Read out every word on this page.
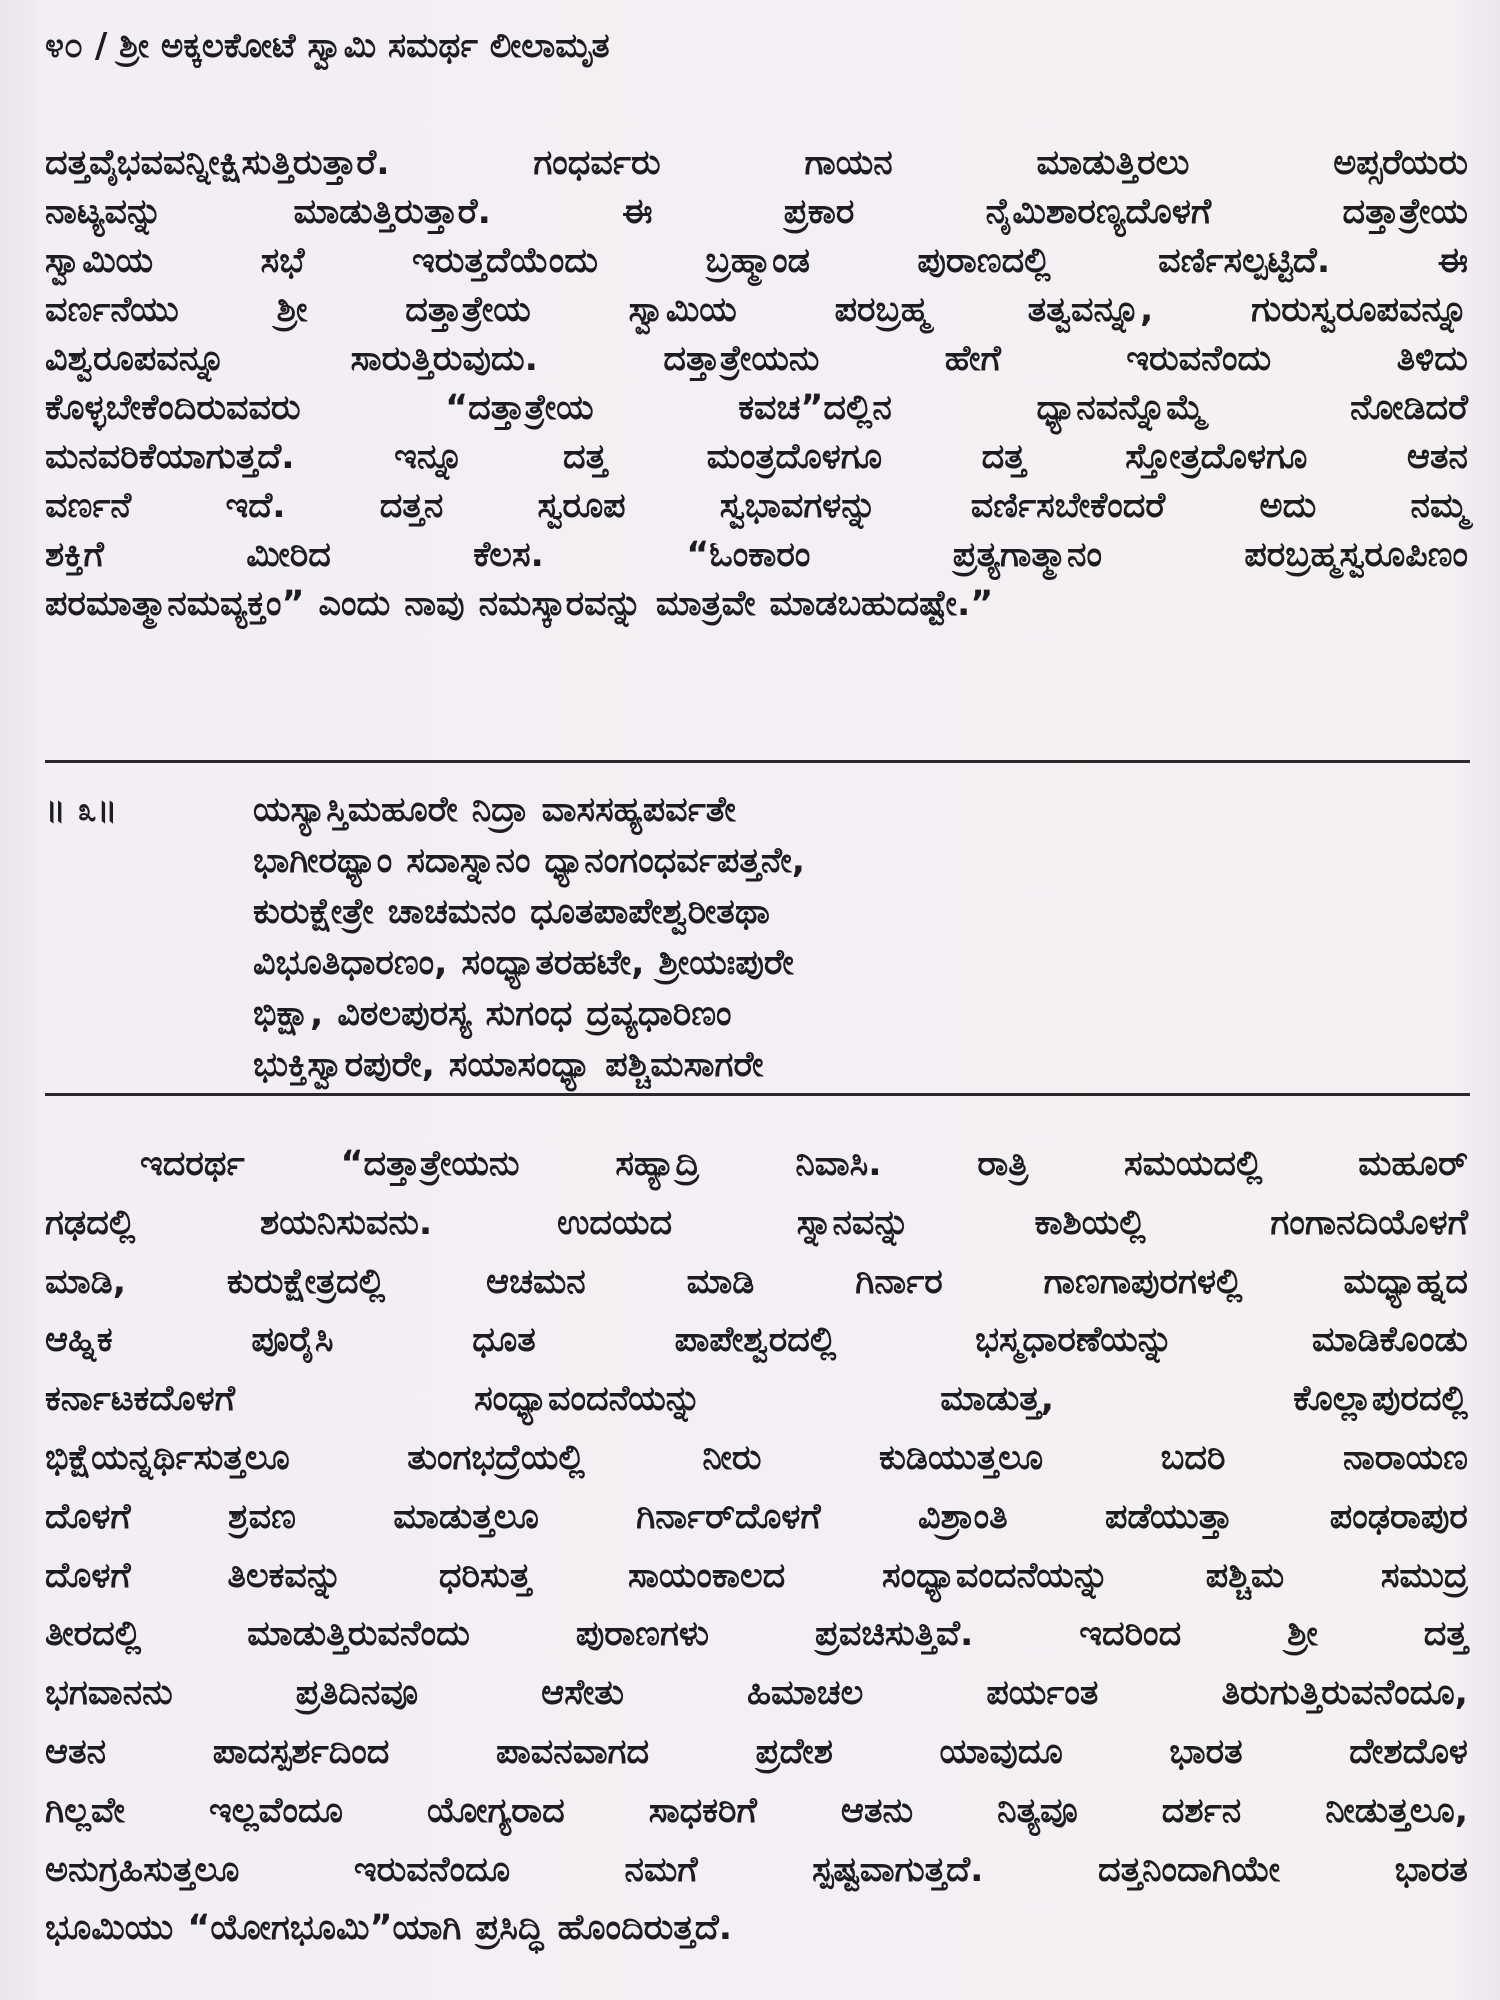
೪೦ / ಶ್ರೀ ಅಕ್ಕಲಕೋಟೆ ಸ್ವಾಮಿ ಸಮರ್ಥ ಲೀಲಾಮೃತ
ದತ್ತವೈಭವವನ್ನೀಕ್ಷಿಸುತ್ತಿರುತ್ತಾರೆ.	ಗಂಧರ್ವರು	ಗಾಯನ	ಮಾಡುತ್ತಿರಲು	ಅಪ್ಸರೆಯರು
ನಾಟ್ಯವನ್ನು	ಮಾಡುತ್ತಿರುತ್ತಾರೆ.	ಈ	ಪ್ರಕಾರ	ನೈಮಿಶಾರಣ್ಯದೊಳಗೆ	ದತ್ತಾತ್ರೇಯ
ಸ್ವಾಮಿಯ	ಸಭೆ	ಇರುತ್ತದೆಯೆಂದು	ಬ್ರಹ್ಮಾಂಡ	ಪುರಾಣದಲ್ಲಿ	ವರ್ಣಿಸಲ್ಪಟ್ಟಿದೆ.	ಈ
ವರ್ಣನೆಯು	ಶ್ರೀ	ದತ್ತಾತ್ರೇಯ	ಸ್ವಾಮಿಯ	ಪರಬ್ರಹ್ಮ	ತತ್ವವನ್ನೂ,	ಗುರುಸ್ವರೂಪವನ್ನೂ
ವಿಶ್ವರೂಪವನ್ನೂ	ಸಾರುತ್ತಿರುವುದು.	ದತ್ತಾತ್ರೇಯನು	ಹೇಗೆ	ಇರುವನೆಂದು	ತಿಳಿದು
ಕೊಳ್ಳಬೇಕೆಂದಿರುವವರು	“ದತ್ತಾತ್ರೇಯ	ಕವಚ”ದಲ್ಲಿನ	ಧ್ಯಾನವನ್ನೊಮ್ಮೆ	ನೋಡಿದರೆ
ಮನವರಿಕೆಯಾಗುತ್ತದೆ.	ಇನ್ನೂ	ದತ್ತ	ಮಂತ್ರದೊಳಗೂ	ದತ್ತ	ಸ್ತೋತ್ರದೊಳಗೂ	ಆತನ
ವರ್ಣನೆ	ಇದೆ.	ದತ್ತನ	ಸ್ವರೂಪ	ಸ್ವಭಾವಗಳನ್ನು	ವರ್ಣಿಸಬೇಕೆಂದರೆ	ಅದು	ನಮ್ಮ
ಶಕ್ತಿಗೆ	ಮೀರಿದ	ಕೆಲಸ.	“ಓಂಕಾರಂ	ಪ್ರತ್ಯಗಾತ್ಮಾನಂ	ಪರಬ್ರಹ್ಮಸ್ವರೂಪಿಣಂ
ಪರಮಾತ್ಮಾನಮವ್ಯಕ್ತಂ” ಎಂದು ನಾವು ನಮಸ್ಕಾರವನ್ನು ಮಾತ್ರವೇ ಮಾಡಬಹುದಷ್ಟೇ.”
॥ ೩॥	ಯಸ್ಯಾಸ್ತಿಮಹೂರೇ ನಿದ್ರಾ ವಾಸಸಹ್ಯಪರ್ವತೇ
ಭಾಗೀರಥ್ಯಾಂ ಸದಾಸ್ನಾನಂ ಧ್ಯಾನಂಗಂಧರ್ವಪತ್ತನೇ,
ಕುರುಕ್ಷೇತ್ರೇ ಚಾಚಮನಂ ಧೂತಪಾಪೇಶ್ವರೀತಥಾ
ವಿಭೂತಿಧಾರಣಂ, ಸಂಧ್ಯಾತರಹಟೇ, ಶ್ರೀಯಃಪುರೇ
ಭಿಕ್ಷಾ, ವಿಠಲಪುರಸ್ಯ ಸುಗಂಧ ದ್ರವ್ಯಧಾರಿಣಂ
ಭುಕ್ತಿಸ್ವಾರಪುರೇ, ಸಯಾಸಂಧ್ಯಾ ಪಶ್ಚಿಮಸಾಗರೇ
ಇದರರ್ಥ	“ದತ್ತಾತ್ರೇಯನು	ಸಹ್ಯಾದ್ರಿ	ನಿವಾಸಿ.	ರಾತ್ರಿ	ಸಮಯದಲ್ಲಿ	ಮಹೂರ್
ಗಢದಲ್ಲಿ	ಶಯನಿಸುವನು.	ಉದಯದ	ಸ್ನಾನವನ್ನು	ಕಾಶಿಯಲ್ಲಿ	ಗಂಗಾನದಿಯೊಳಗೆ
ಮಾಡಿ,	ಕುರುಕ್ಷೇತ್ರದಲ್ಲಿ	ಆಚಮನ	ಮಾಡಿ	ಗಿರ್ನಾರ	ಗಾಣಗಾಪುರಗಳಲ್ಲಿ	ಮಧ್ಯಾಹ್ನದ
ಆಹ್ನಿಕ	ಪೂರೈಸಿ	ಧೂತ	ಪಾಪೇಶ್ವರದಲ್ಲಿ	ಭಸ್ಮಧಾರಣೆಯನ್ನು	ಮಾಡಿಕೊಂಡು
ಕರ್ನಾಟಕದೊಳಗೆ	ಸಂಧ್ಯಾವಂದನೆಯನ್ನು	ಮಾಡುತ್ತ,	ಕೊಲ್ಲಾಪುರದಲ್ಲಿ
ಭಿಕ್ಷೆಯನ್ನರ್ಥಿಸುತ್ತಲೂ	ತುಂಗಭದ್ರೆಯಲ್ಲಿ	ನೀರು	ಕುಡಿಯುತ್ತಲೂ	ಬದರಿ	ನಾರಾಯಣ
ದೊಳಗೆ	ಶ್ರವಣ	ಮಾಡುತ್ತಲೂ	ಗಿರ್ನಾರ್‌ದೊಳಗೆ	ವಿಶ್ರಾಂತಿ	ಪಡೆಯುತ್ತಾ	ಪಂಢರಾಪುರ
ದೊಳಗೆ	ತಿಲಕವನ್ನು	ಧರಿಸುತ್ತ	ಸಾಯಂಕಾಲದ	ಸಂಧ್ಯಾವಂದನೆಯನ್ನು	ಪಶ್ಚಿಮ	ಸಮುದ್ರ
ತೀರದಲ್ಲಿ	ಮಾಡುತ್ತಿರುವನೆಂದು	ಪುರಾಣಗಳು	ಪ್ರವಚಿಸುತ್ತಿವೆ.	ಇದರಿಂದ	ಶ್ರೀ	ದತ್ತ
ಭಗವಾನನು	ಪ್ರತಿದಿನವೂ	ಆಸೇತು	ಹಿಮಾಚಲ	ಪರ್ಯಂತ	ತಿರುಗುತ್ತಿರುವನೆಂದೂ,
ಆತನ	ಪಾದಸ್ಪರ್ಶದಿಂದ	ಪಾವನವಾಗದ	ಪ್ರದೇಶ	ಯಾವುದೂ	ಭಾರತ	ದೇಶದೊಳ
ಗಿಲ್ಲವೇ ಇಲ್ಲವೆಂದೂ ಯೋಗ್ಯರಾದ ಸಾಧಕರಿಗೆ ಆತನು ನಿತ್ಯವೂ ದರ್ಶನ ನೀಡುತ್ತಲೂ,
ಅನುಗ್ರಹಿಸುತ್ತಲೂ	ಇರುವನೆಂದೂ	ನಮಗೆ	ಸ್ಪಷ್ಟವಾಗುತ್ತದೆ.	ದತ್ತನಿಂದಾಗಿಯೇ	ಭಾರತ
ಭೂಮಿಯು “ಯೋಗಭೂಮಿ”ಯಾಗಿ ಪ್ರಸಿದ್ಧಿ ಹೊಂದಿರುತ್ತದೆ.
